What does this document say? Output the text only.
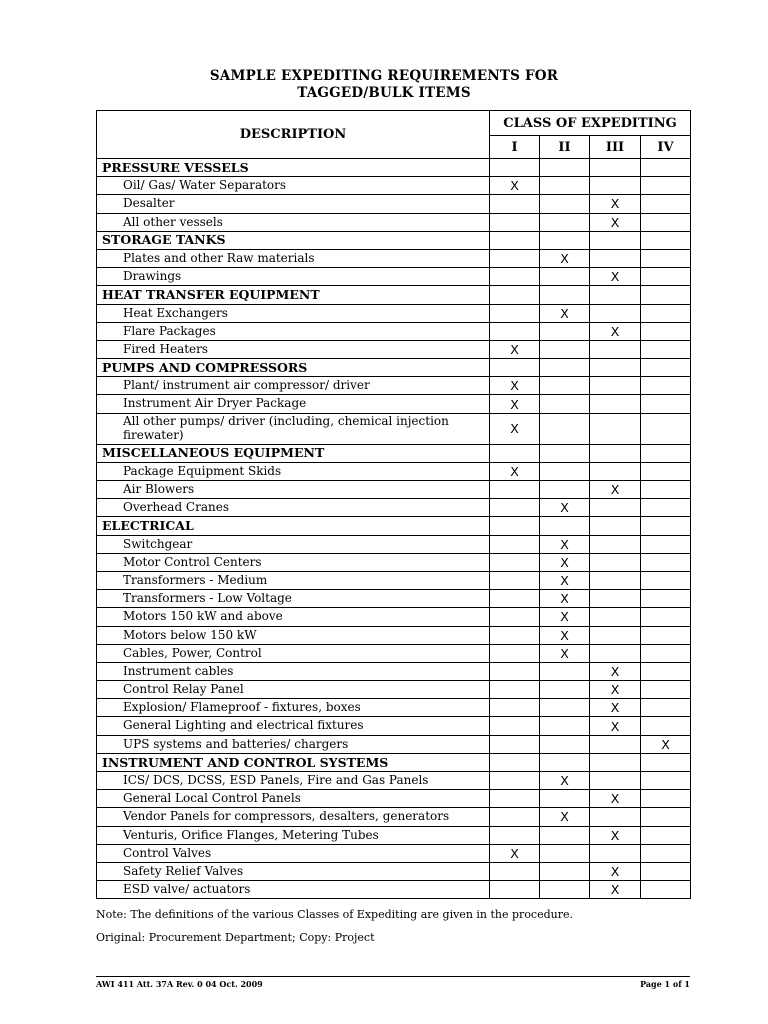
SAMPLE EXPEDITING REQUIREMENTS FOR
TAGGED/BULK ITEMS
DESCRIPTION	CLASS OF EXPEDITING			
	I	II	III	IV
PRESSURE VESSELS				
Oil/ Gas/ Water Separators	X			
Desalter			X	
All other vessels			X	
STORAGE TANKS				
Plates and other Raw materials		X		
Drawings			X	
HEAT TRANSFER EQUIPMENT				
Heat Exchangers		X		
Flare Packages			X	
Fired Heaters	X			
PUMPS AND COMPRESSORS				
Plant/ instrument air compressor/ driver	X			
Instrument Air Dryer Package	X			
All other pumps/ driver (including, chemical injection firewater)	X			
MISCELLANEOUS EQUIPMENT				
Package Equipment Skids	X			
Air Blowers			X	
Overhead Cranes		X		
ELECTRICAL				
Switchgear		X		
Motor Control Centers		X		
Transformers - Medium		X		
Transformers - Low Voltage		X		
Motors 150 kW and above		X		
Motors below 150 kW		X		
Cables, Power, Control		X		
Instrument cables			X	
Control Relay Panel			X	
Explosion/ Flameproof - fixtures, boxes			X	
General Lighting and electrical fixtures			X	
UPS systems and batteries/ chargers				X
INSTRUMENT AND CONTROL SYSTEMS				
ICS/ DCS, DCSS, ESD Panels, Fire and Gas Panels		X		
General Local Control Panels			X	
Vendor Panels for compressors, desalters, generators		X		
Venturis, Orifice Flanges, Metering Tubes			X	
Control Valves	X			
Safety Relief Valves			X	
ESD valve/ actuators			X	
Note: The definitions of the various Classes of Expediting are given in the procedure.
Original: Procurement Department; Copy: Project
AWI 411 Att. 37A Rev. 0 04 Oct. 2009	Page 1 of 1
